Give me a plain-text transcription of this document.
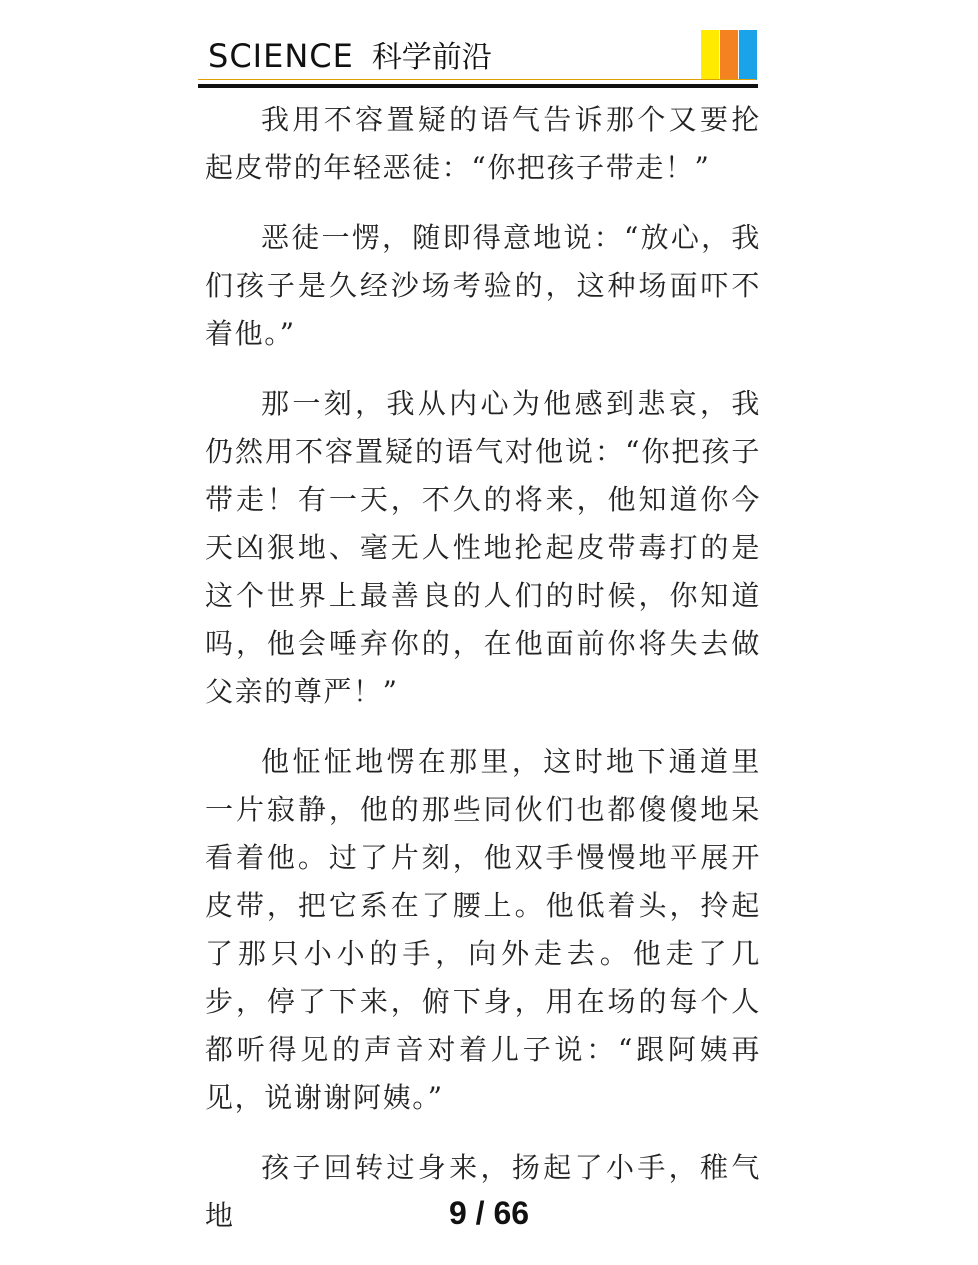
SCIENCE 科学前沿

我用不容置疑的语气告诉那个又要抡起皮带的年轻恶徒：“你把孩子带走！”

恶徒一愣，随即得意地说：“放心，我们孩子是久经沙场考验的，这种场面吓不着他。”

那一刻，我从内心为他感到悲哀，我仍然用不容置疑的语气对他说：“你把孩子带走！有一天，不久的将来，他知道你今天凶狠地、毫无人性地抡起皮带毒打的是这个世界上最善良的人们的时候，你知道吗，他会唾弃你的，在他面前你将失去做父亲的尊严！”

他怔怔地愣在那里，这时地下通道里一片寂静，他的那些同伙们也都傻傻地呆看着他。过了片刻，他双手慢慢地平展开皮带，把它系在了腰上。他低着头，拎起了那只小小的手，向外走去。他走了几步，停了下来，俯下身，用在场的每个人都听得见的声音对着儿子说：“跟阿姨再见，说谢谢阿姨。”

孩子回转过身来，扬起了小手，稚气地	9 / 66
